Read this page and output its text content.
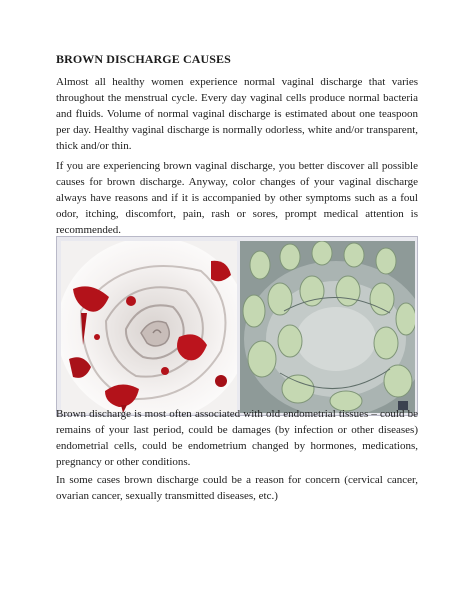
BROWN DISCHARGE CAUSES

Almost all healthy women experience normal vaginal discharge that varies throughout the menstrual cycle. Every day vaginal cells produce normal bacteria and fluids. Volume of normal vaginal discharge is estimated about one teaspoon per day. Healthy vaginal discharge is normally odorless, white and/or transparent, thick and/or thin.

If you are experiencing brown vaginal discharge, you better discover all possible causes for brown discharge. Anyway, color changes of your vaginal discharge always have reasons and if it is accompanied by other symptoms such as a foul odor, itching, discomfort, pain, rash or sores, prompt medical attention is recommended.

Brown discharge is most often associated with old endometrial tissues – could be remains of your last period, could be damages (by infection or other diseases) endometrial cells, could be endometrium changed by hormones, medications, pregnancy or other conditions.

In some cases brown discharge could be a reason for concern (cervical cancer, ovarian cancer, sexually transmitted diseases, etc.)
